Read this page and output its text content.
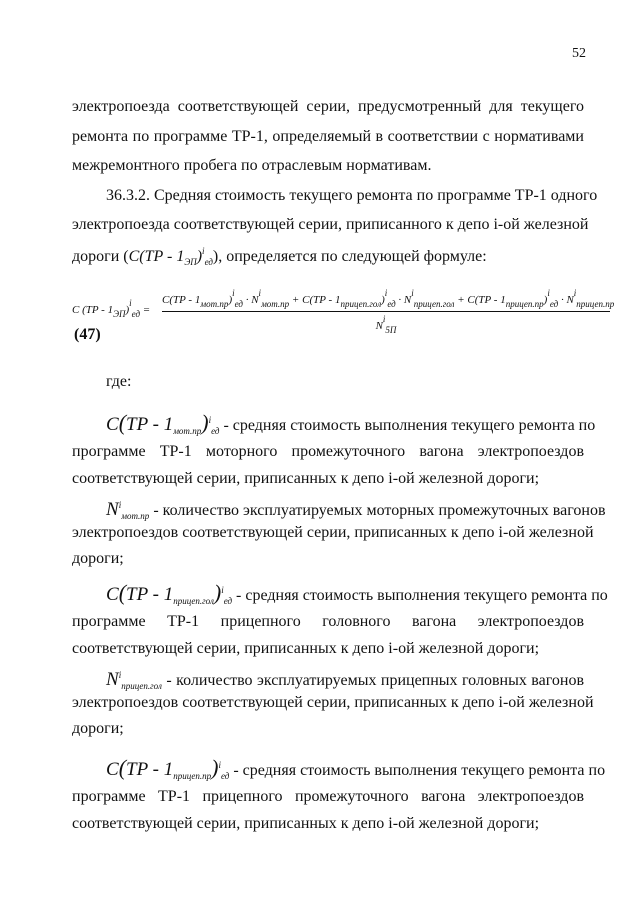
52
электропоезда соответствующей серии, предусмотренный для текущего
ремонта по программе ТР-1, определяемый в соответствии с нормативами
межремонтного пробега по отраслевым нормативам.
36.3.2. Средняя стоимость текущего ремонта по программе ТР-1 одного
электропоезда соответствующей серии, приписанного к депо i-ой железной
дороги $(C(TP - 1_{ЭП})^i_{ед})$, определяется по следующей формуле:
C $(TP - 1_{ЭП})^i_{ед}$ =
$C(TP - 1_{мот.пр})^i_{ед} \cdot N^i_{мот.пр} + C(TP - 1_{прицеп.гол})^i_{ед} \cdot N^i_{прицеп.гол} + C(TP - 1_{прицеп.пр})^i_{ед} \cdot N^i_{прицеп.пр}$
$N^i_{5П}$
(47)
где:
$C(TP - 1_{мот.пр})^i_{ед}$ - средняя стоимость выполнения текущего ремонта по
программе ТР-1 моторного промежуточного вагона электропоездов
соответствующей серии, приписанных к депо i-ой железной дороги;
$N^i_{мот.пр}$ - количество эксплуатируемых моторных промежуточных вагонов
электропоездов соответствующей серии, приписанных к депо i-ой железной
дороги;
$C(TP - 1_{прицеп.гол})^i_{ед}$ - средняя стоимость выполнения текущего ремонта по
программе ТР-1 прицепного головного вагона электропоездов
соответствующей серии, приписанных к депо i-ой железной дороги;
$N^i_{прицеп.гол}$ - количество эксплуатируемых прицепных головных вагонов
электропоездов соответствующей серии, приписанных к депо i-ой железной
дороги;
$C(TP - 1_{прицеп.пр})^i_{ед}$ - средняя стоимость выполнения текущего ремонта по
программе ТР-1 прицепного промежуточного вагона электропоездов
соответствующей серии, приписанных к депо i-ой железной дороги;
